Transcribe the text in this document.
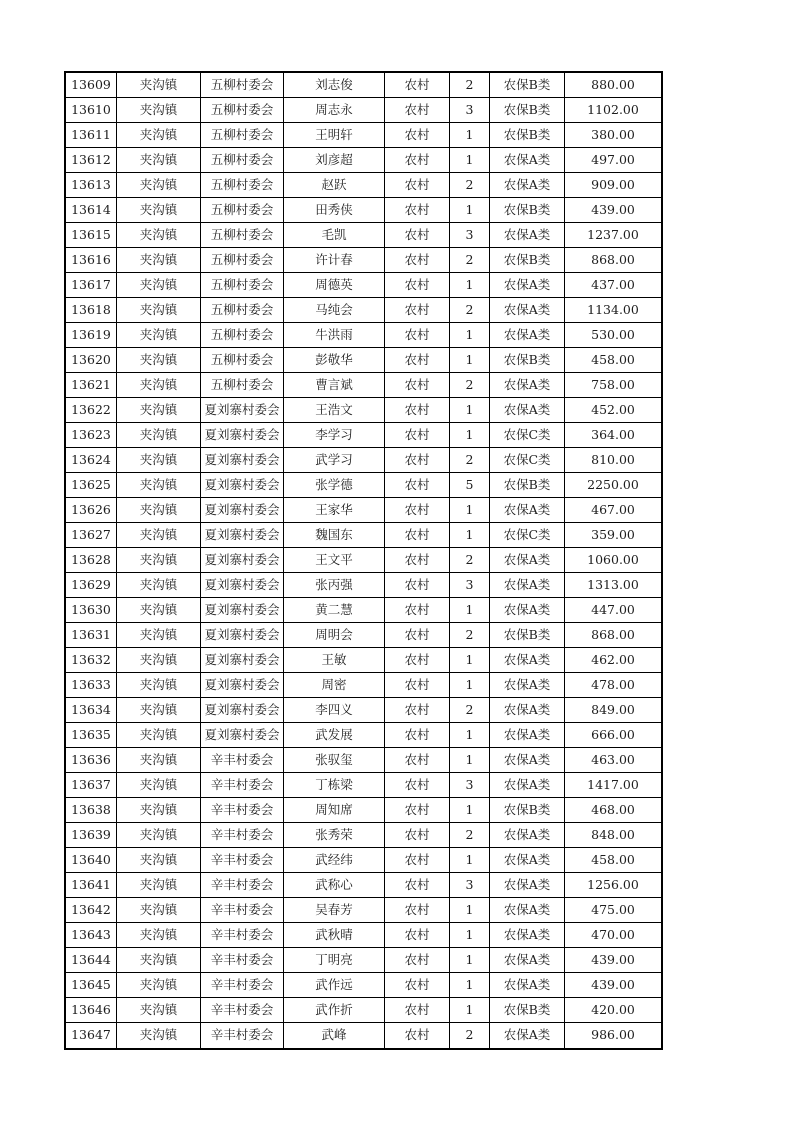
13609	夹沟镇	五柳村委会	刘志俊	农村	2	农保B类	880.00
13610	夹沟镇	五柳村委会	周志永	农村	3	农保B类	1102.00
13611	夹沟镇	五柳村委会	王明轩	农村	1	农保B类	380.00
13612	夹沟镇	五柳村委会	刘彦超	农村	1	农保A类	497.00
13613	夹沟镇	五柳村委会	赵跃	农村	2	农保A类	909.00
13614	夹沟镇	五柳村委会	田秀侠	农村	1	农保B类	439.00
13615	夹沟镇	五柳村委会	毛凯	农村	3	农保A类	1237.00
13616	夹沟镇	五柳村委会	许计春	农村	2	农保B类	868.00
13617	夹沟镇	五柳村委会	周德英	农村	1	农保A类	437.00
13618	夹沟镇	五柳村委会	马纯会	农村	2	农保A类	1134.00
13619	夹沟镇	五柳村委会	牛洪雨	农村	1	农保A类	530.00
13620	夹沟镇	五柳村委会	彭敬华	农村	1	农保B类	458.00
13621	夹沟镇	五柳村委会	曹言斌	农村	2	农保A类	758.00
13622	夹沟镇	夏刘寨村委会	王浩文	农村	1	农保A类	452.00
13623	夹沟镇	夏刘寨村委会	李学习	农村	1	农保C类	364.00
13624	夹沟镇	夏刘寨村委会	武学习	农村	2	农保C类	810.00
13625	夹沟镇	夏刘寨村委会	张学德	农村	5	农保B类	2250.00
13626	夹沟镇	夏刘寨村委会	王家华	农村	1	农保A类	467.00
13627	夹沟镇	夏刘寨村委会	魏国东	农村	1	农保C类	359.00
13628	夹沟镇	夏刘寨村委会	王文平	农村	2	农保A类	1060.00
13629	夹沟镇	夏刘寨村委会	张丙强	农村	3	农保A类	1313.00
13630	夹沟镇	夏刘寨村委会	黄二慧	农村	1	农保A类	447.00
13631	夹沟镇	夏刘寨村委会	周明会	农村	2	农保B类	868.00
13632	夹沟镇	夏刘寨村委会	王敏	农村	1	农保A类	462.00
13633	夹沟镇	夏刘寨村委会	周密	农村	1	农保A类	478.00
13634	夹沟镇	夏刘寨村委会	李四义	农村	2	农保A类	849.00
13635	夹沟镇	夏刘寨村委会	武发展	农村	1	农保A类	666.00
13636	夹沟镇	辛丰村委会	张驭玺	农村	1	农保A类	463.00
13637	夹沟镇	辛丰村委会	丁栋梁	农村	3	农保A类	1417.00
13638	夹沟镇	辛丰村委会	周知席	农村	1	农保B类	468.00
13639	夹沟镇	辛丰村委会	张秀荣	农村	2	农保A类	848.00
13640	夹沟镇	辛丰村委会	武经纬	农村	1	农保A类	458.00
13641	夹沟镇	辛丰村委会	武称心	农村	3	农保A类	1256.00
13642	夹沟镇	辛丰村委会	吴春芳	农村	1	农保A类	475.00
13643	夹沟镇	辛丰村委会	武秋晴	农村	1	农保A类	470.00
13644	夹沟镇	辛丰村委会	丁明亮	农村	1	农保A类	439.00
13645	夹沟镇	辛丰村委会	武作远	农村	1	农保A类	439.00
13646	夹沟镇	辛丰村委会	武作折	农村	1	农保B类	420.00
13647	夹沟镇	辛丰村委会	武峰	农村	2	农保A类	986.00
